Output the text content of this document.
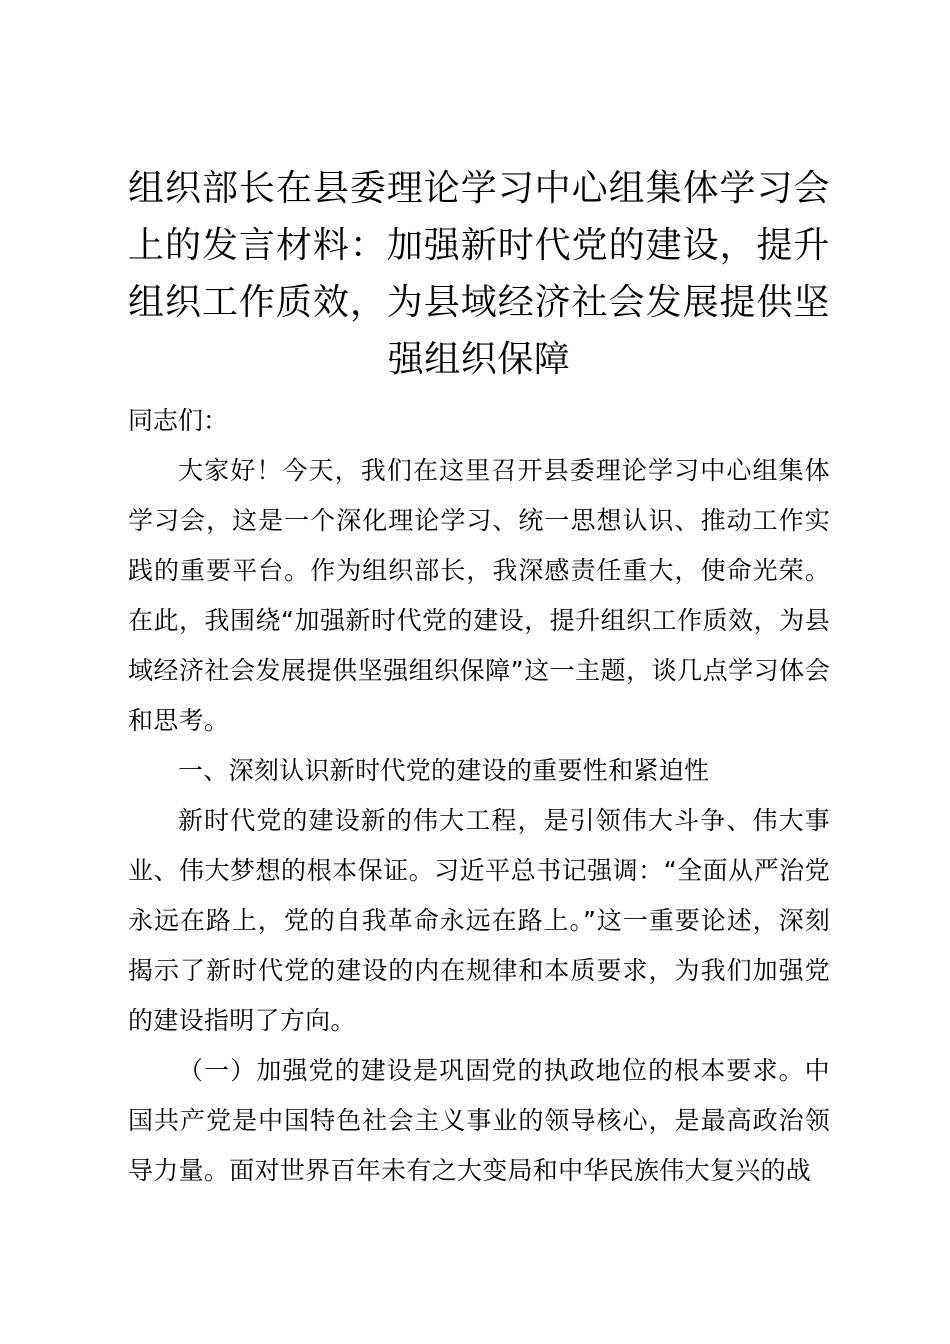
组织部长在县委理论学习中心组集体学习会上的发言材料：加强新时代党的建设，提升组织工作质效，为县域经济社会发展提供坚强组织保障

同志们：

大家好！今天，我们在这里召开县委理论学习中心组集体学习会，这是一个深化理论学习、统一思想认识、推动工作实践的重要平台。作为组织部长，我深感责任重大，使命光荣。在此，我围绕“加强新时代党的建设，提升组织工作质效，为县域经济社会发展提供坚强组织保障”这一主题，谈几点学习体会和思考。

一、深刻认识新时代党的建设的重要性和紧迫性

新时代党的建设新的伟大工程，是引领伟大斗争、伟大事业、伟大梦想的根本保证。习近平总书记强调：“全面从严治党永远在路上，党的自我革命永远在路上。”这一重要论述，深刻揭示了新时代党的建设的内在规律和本质要求，为我们加强党的建设指明了方向。

（一）加强党的建设是巩固党的执政地位的根本要求。中国共产党是中国特色社会主义事业的领导核心，是最高政治领导力量。面对世界百年未有之大变局和中华民族伟大复兴的战
